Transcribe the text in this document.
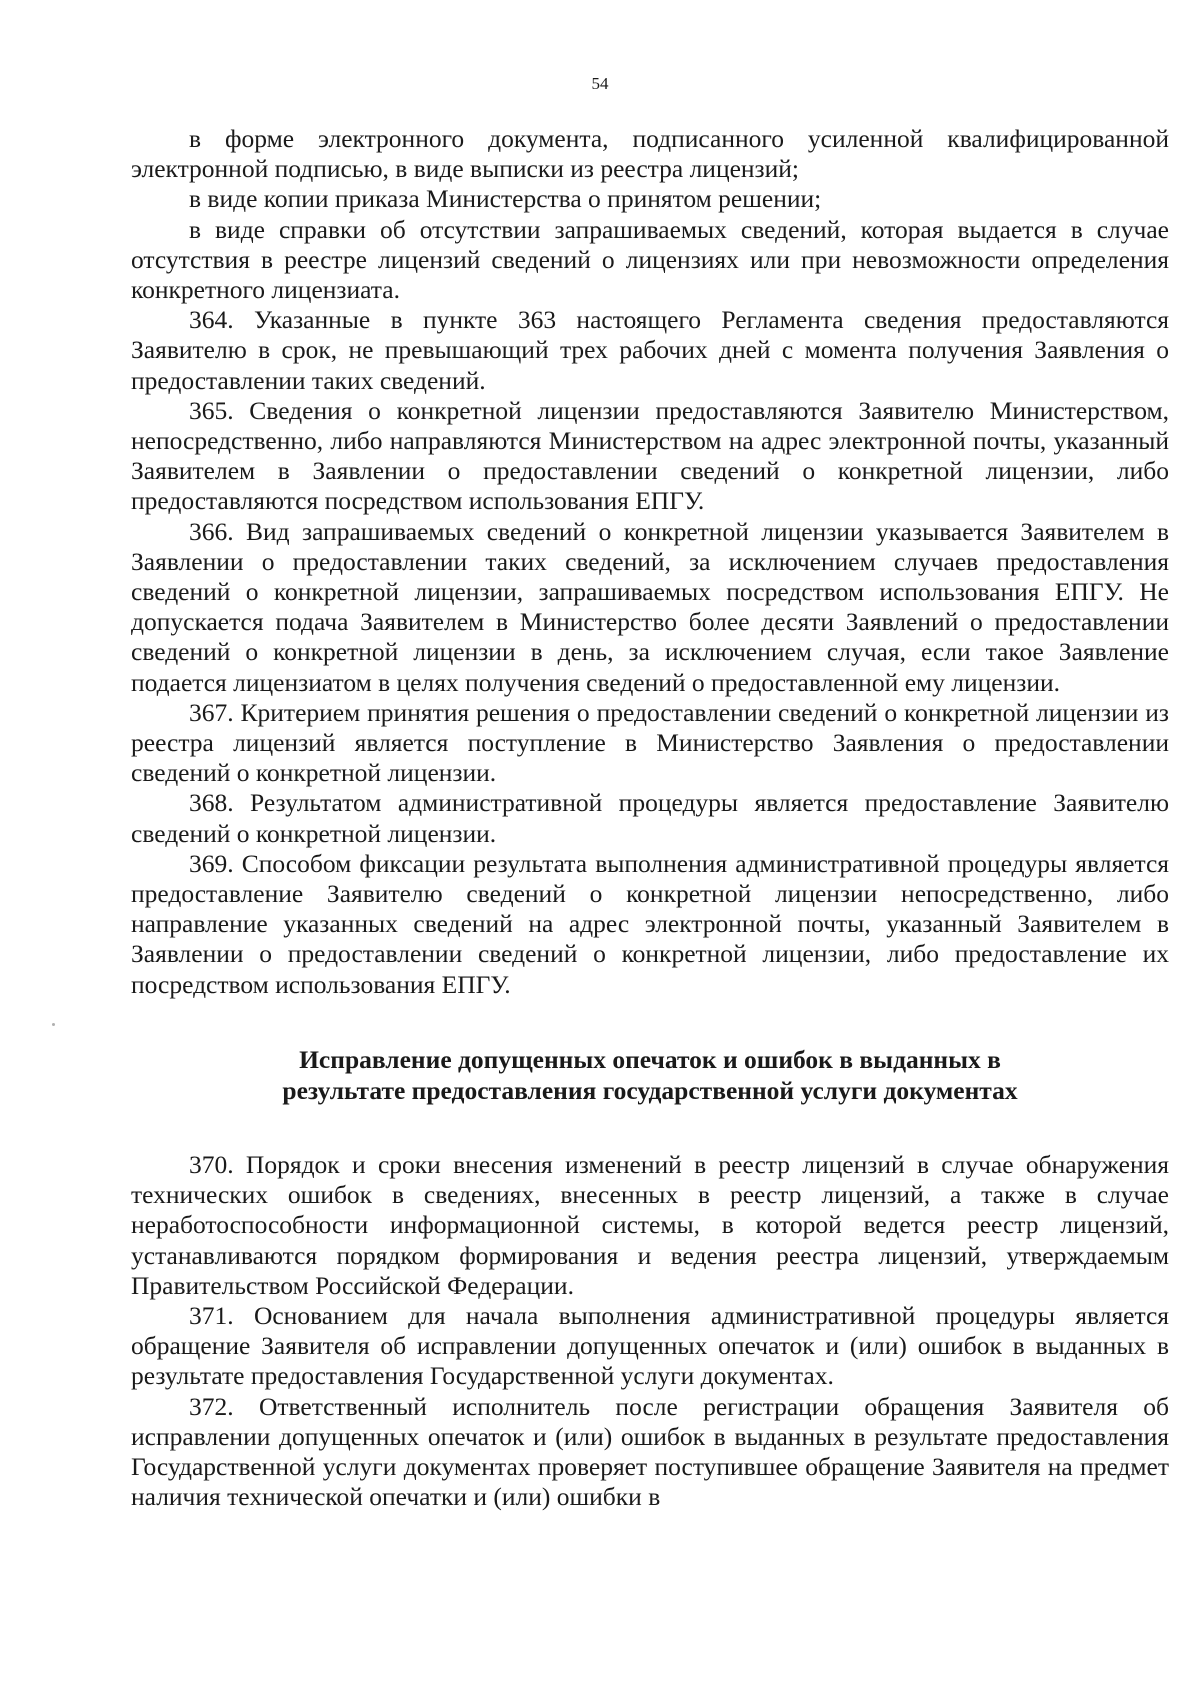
54

в форме электронного документа, подписанного усиленной квалифицированной электронной подписью, в виде выписки из реестра лицензий;

в виде копии приказа Министерства о принятом решении;

в виде справки об отсутствии запрашиваемых сведений, которая выдается в случае отсутствия в реестре лицензий сведений о лицензиях или при невозможности определения конкретного лицензиата.

364. Указанные в пункте 363 настоящего Регламента сведения предоставляются Заявителю в срок, не превышающий трех рабочих дней с момента получения Заявления о предоставлении таких сведений.

365. Сведения о конкретной лицензии предоставляются Заявителю Министерством, непосредственно, либо направляются Министерством на адрес электронной почты, указанный Заявителем в Заявлении о предоставлении сведений о конкретной лицензии, либо предоставляются посредством использования ЕПГУ.

366. Вид запрашиваемых сведений о конкретной лицензии указывается Заявителем в Заявлении о предоставлении таких сведений, за исключением случаев предоставления сведений о конкретной лицензии, запрашиваемых посредством использования ЕПГУ. Не допускается подача Заявителем в Министерство более десяти Заявлений о предоставлении сведений о конкретной лицензии в день, за исключением случая, если такое Заявление подается лицензиатом в целях получения сведений о предоставленной ему лицензии.

367. Критерием принятия решения о предоставлении сведений о конкретной лицензии из реестра лицензий является поступление в Министерство Заявления о предоставлении сведений о конкретной лицензии.

368. Результатом административной процедуры является предоставление Заявителю сведений о конкретной лицензии.

369. Способом фиксации результата выполнения административной процедуры является предоставление Заявителю сведений о конкретной лицензии непосредственно, либо направление указанных сведений на адрес электронной почты, указанный Заявителем в Заявлении о предоставлении сведений о конкретной лицензии, либо предоставление их посредством использования ЕПГУ.

Исправление допущенных опечаток и ошибок в выданных в
результате предоставления государственной услуги документах

370. Порядок и сроки внесения изменений в реестр лицензий в случае обнаружения технических ошибок в сведениях, внесенных в реестр лицензий, а также в случае неработоспособности информационной системы, в которой ведется реестр лицензий, устанавливаются порядком формирования и ведения реестра лицензий, утверждаемым Правительством Российской Федерации.

371. Основанием для начала выполнения административной процедуры является обращение Заявителя об исправлении допущенных опечаток и (или) ошибок в выданных в результате предоставления Государственной услуги документах.

372. Ответственный исполнитель после регистрации обращения Заявителя об исправлении допущенных опечаток и (или) ошибок в выданных в результате предоставления Государственной услуги документах проверяет поступившее обращение Заявителя на предмет наличия технической опечатки и (или) ошибки в
